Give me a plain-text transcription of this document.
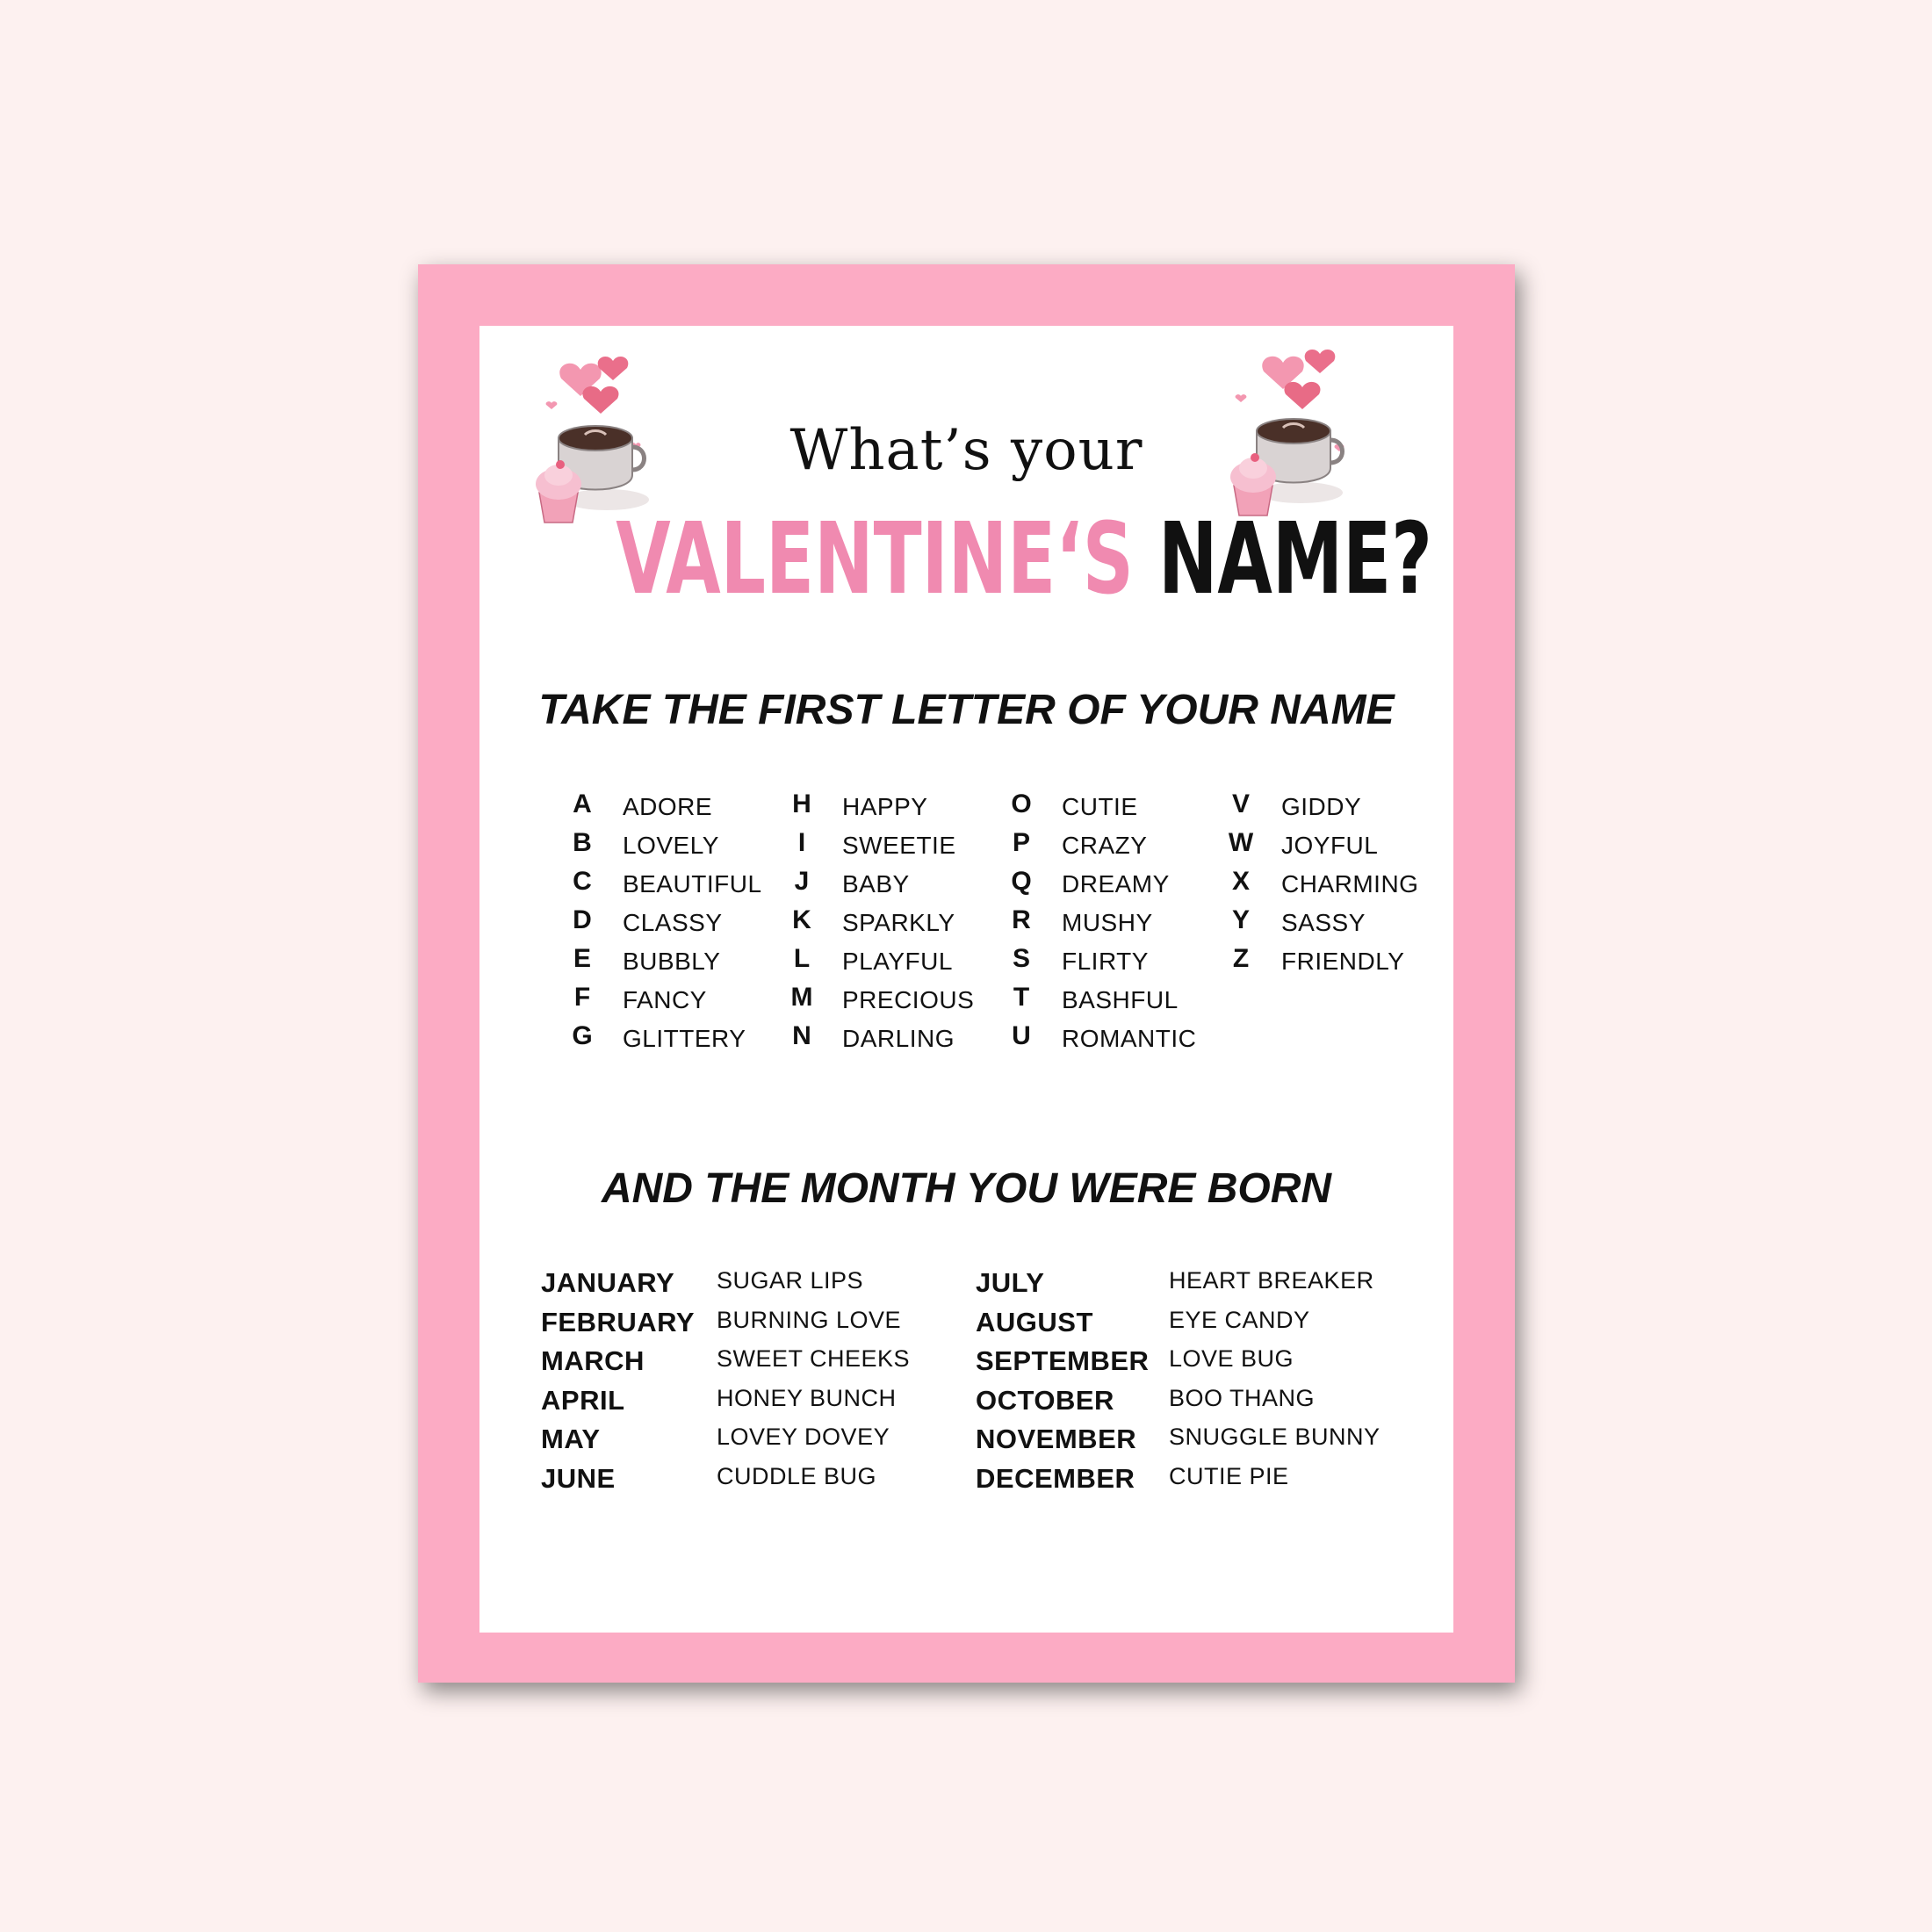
What’s your
VALENTINE‘S NAME?
TAKE THE FIRST LETTER OF YOUR NAME
A	ADORE
B	LOVELY
C	BEAUTIFUL
D	CLASSY
E	BUBBLY
F	FANCY
G	GLITTERY
H	HAPPY
I	SWEETIE
J	BABY
K	SPARKLY
L	PLAYFUL
M	PRECIOUS
N	DARLING
O	CUTIE
P	CRAZY
Q	DREAMY
R	MUSHY
S	FLIRTY
T	BASHFUL
U	ROMANTIC
V	GIDDY
W JOYFUL
X	CHARMING
Y	SASSY
Z	FRIENDLY
AND THE MONTH YOU WERE BORN
JANUARY SUGAR LIPS
FEBRUARY BURNING LOVE
MARCH	SWEET CHEEKS
APRIL	HONEY BUNCH
MAY	LOVEY DOVEY
JUNE	CUDDLE BUG
JULY	HEART BREAKER
AUGUST	EYE CANDY
SEPTEMBER LOVE BUG
OCTOBER BOO THANG
NOVEMBER SNUGGLE BUNNY
DECEMBER CUTIE PIE
